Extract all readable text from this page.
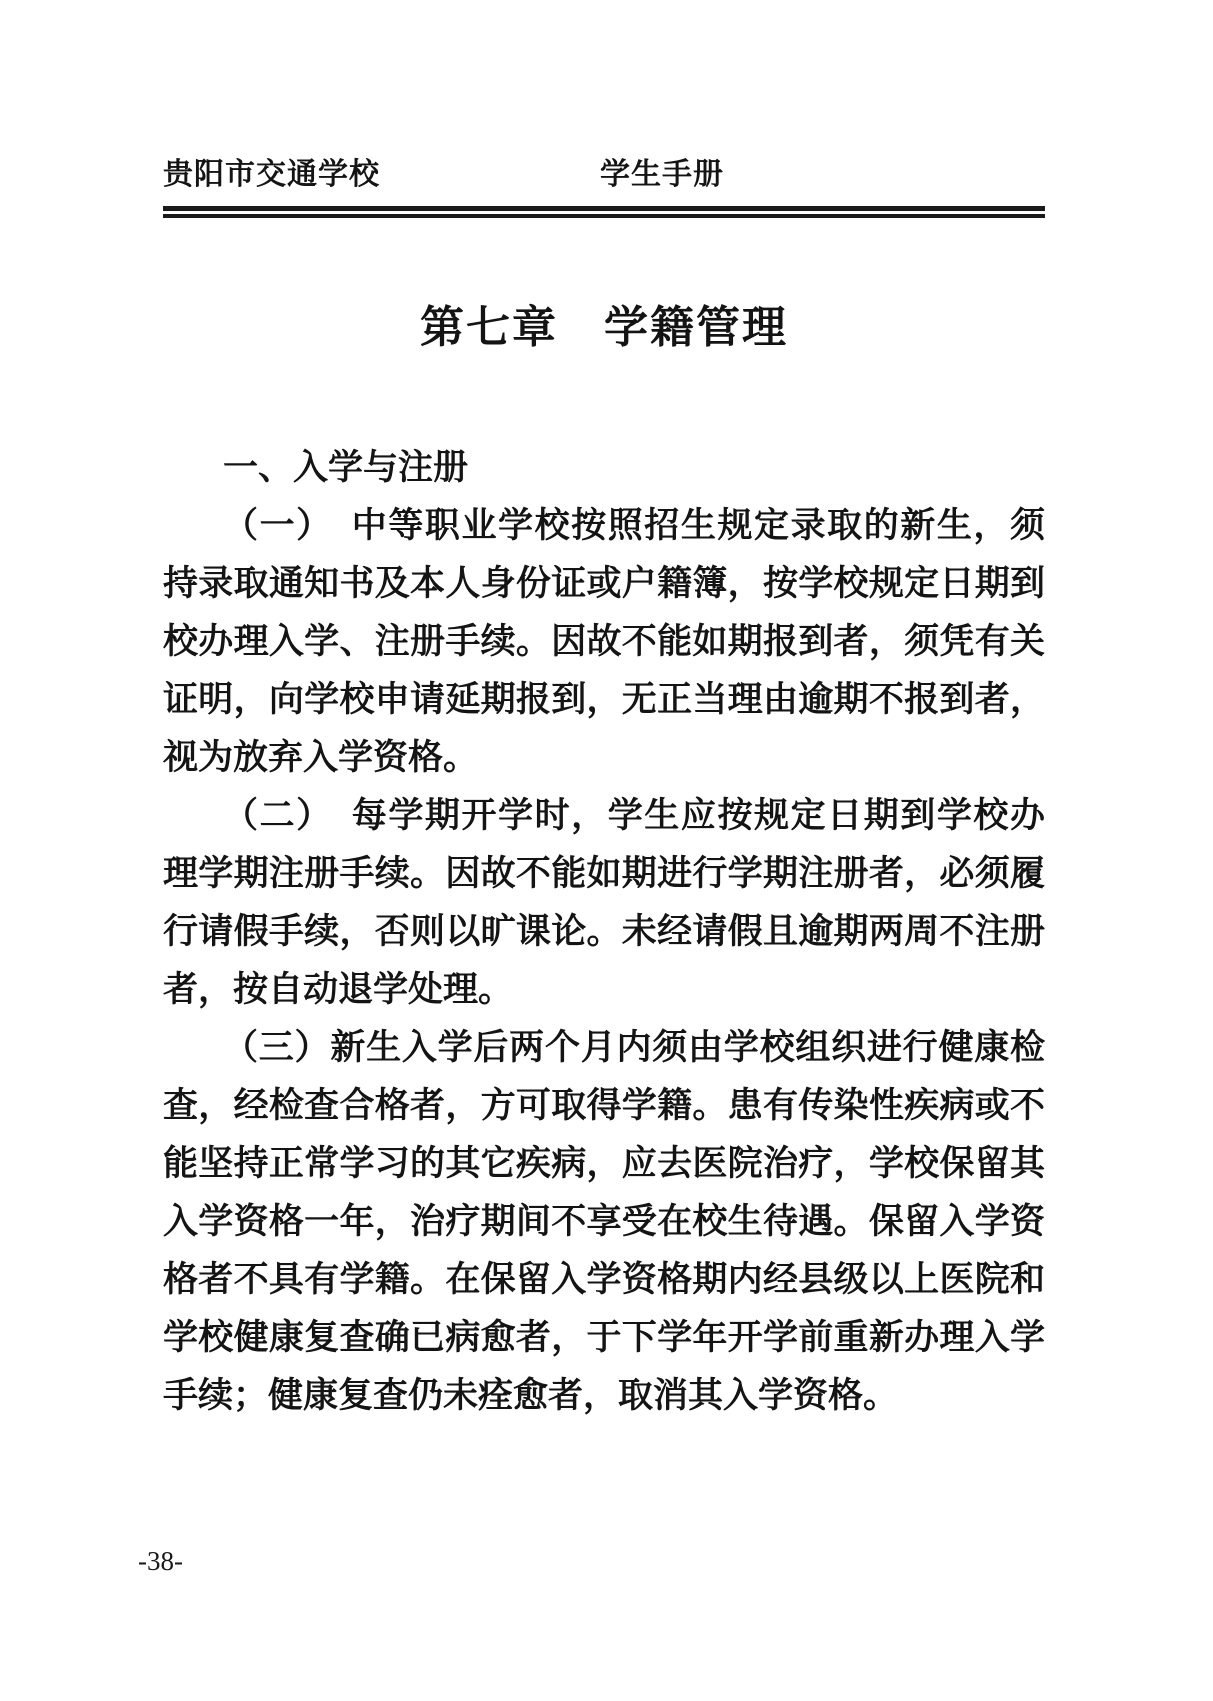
贵阳市交通学校	学生手册
第七章　学籍管理

一、入学与注册

（一） 中等职业学校按照招生规定录取的新生，须持录取通知书及本人身份证或户籍簿，按学校规定日期到校办理入学、注册手续。因故不能如期报到者，须凭有关证明，向学校申请延期报到，无正当理由逾期不报到者，视为放弃入学资格。

（二） 每学期开学时，学生应按规定日期到学校办理学期注册手续。因故不能如期进行学期注册者，必须履行请假手续，否则以旷课论。未经请假且逾期两周不注册者，按自动退学处理。

（三）新生入学后两个月内须由学校组织进行健康检查，经检查合格者，方可取得学籍。患有传染性疾病或不能坚持正常学习的其它疾病，应去医院治疗，学校保留其入学资格一年，治疗期间不享受在校生待遇。保留入学资格者不具有学籍。在保留入学资格期内经县级以上医院和学校健康复查确已病愈者，于下学年开学前重新办理入学手续；健康复查仍未痊愈者，取消其入学资格。

-38-
